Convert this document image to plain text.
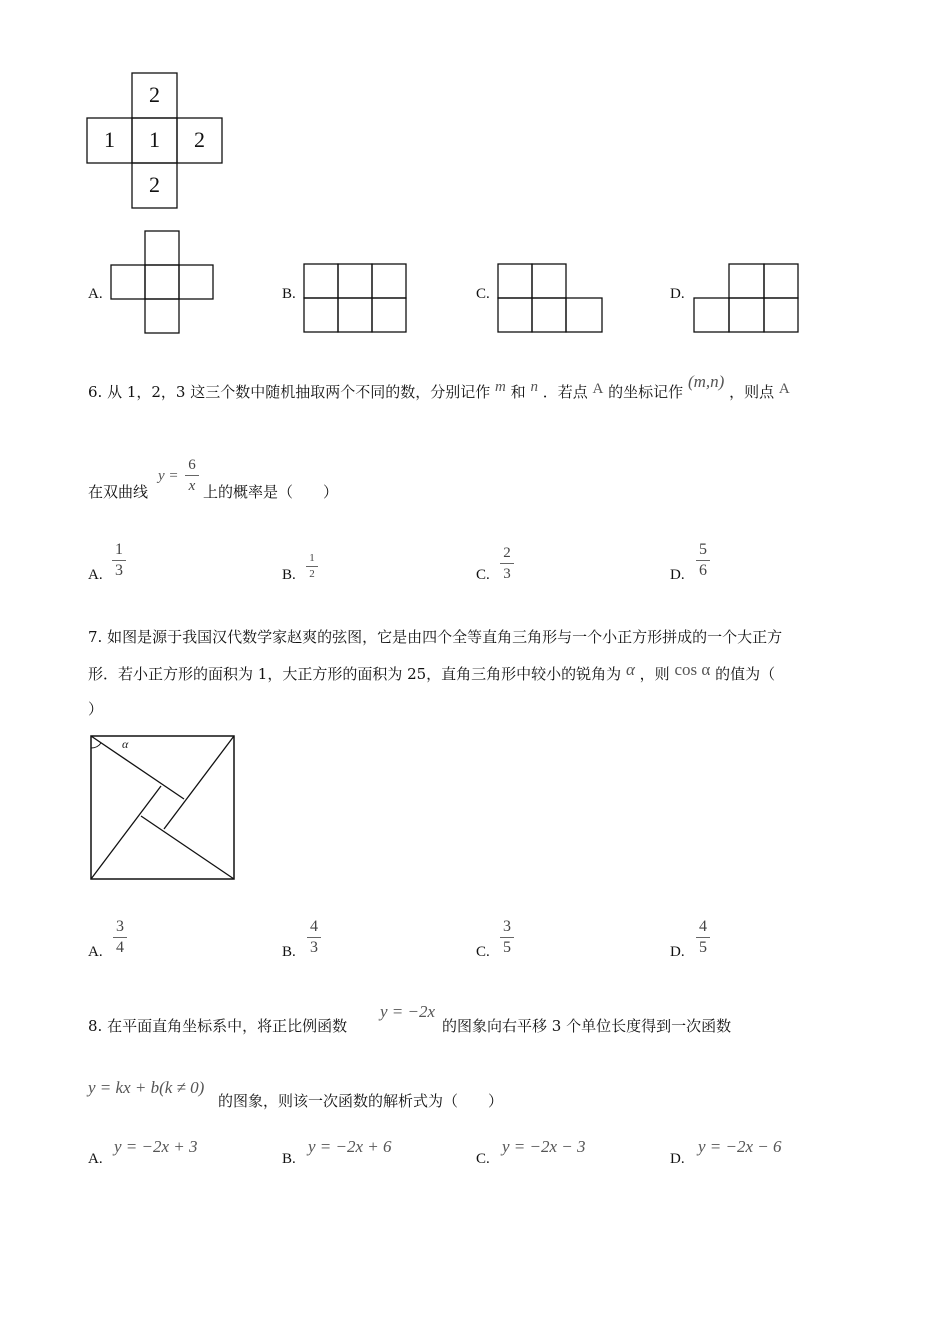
2
1	1	2
2
A.	B.	C.	D.
6. 从 1，2，3 这三个数中随机抽取两个不同的数，分别记作 m 和 n ．若点 A 的坐标记作 (m,n) ，则点 A
在双曲线
y =
6
x 上的概率是（　　）
A.
1
3	B.
1
2	C.
2
3	D.
5
6
7. 如图是源于我国汉代数学家赵爽的弦图，它是由四个全等直角三角形与一个小正方形拼成的一个大正方
形．若小正方形的面积为 1，大正方形的面积为 25，直角三角形中较小的锐角为 α ，则 cos α 的值为（
）
α
A.
3
4	B.
4
3	C.
3
5	D.
4
5
8. 在平面直角坐标系中，将正比例函数
y = −2x
的图象向右平移 3 个单位长度得到一次函数
y = kx + b(k ≠ 0)
的图象，则该一次函数的解析式为（　　）
A.
y = −2x + 3
B.
y = −2x + 6
C.
y = −2x − 3
D.
y = −2x − 6
